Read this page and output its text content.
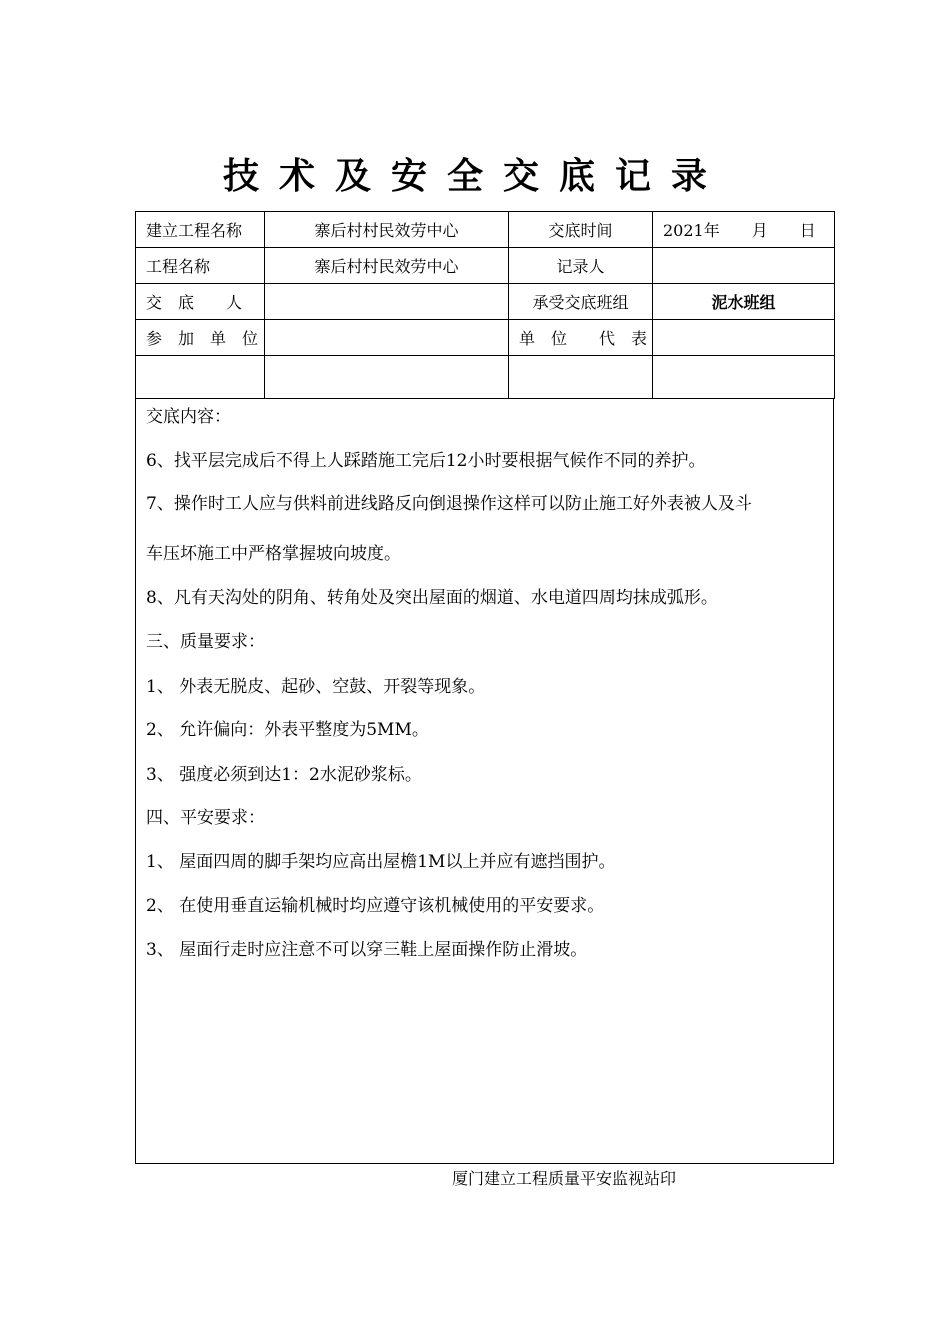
技术及安全交底记录
建立工程名称	寨后村村民效劳中心	交底时间	2021年　　月　　日
工程名称	寨后村村民效劳中心	记录人	
交　底　　人		承受交底班组	泥水班组
参　加　单　位		单　位　　代　表	

交底内容：
6、找平层完成后不得上人踩踏施工完后12小时要根据气候作不同的养护。
7、操作时工人应与供料前进线路反向倒退操作这样可以防止施工好外表被人及斗
车压坏施工中严格掌握坡向坡度。
8、凡有天沟处的阴角、转角处及突出屋面的烟道、水电道四周均抹成弧形。
三、质量要求：
1、 外表无脱皮、起砂、空鼓、开裂等现象。
2、 允许偏向：外表平整度为5MM。
3、 强度必须到达1：2水泥砂浆标。
四、平安要求：
1、 屋面四周的脚手架均应高出屋檐1M以上并应有遮挡围护。
2、 在使用垂直运输机械时均应遵守该机械使用的平安要求。
3、 屋面行走时应注意不可以穿三鞋上屋面操作防止滑坡。
厦门建立工程质量平安监视站印
